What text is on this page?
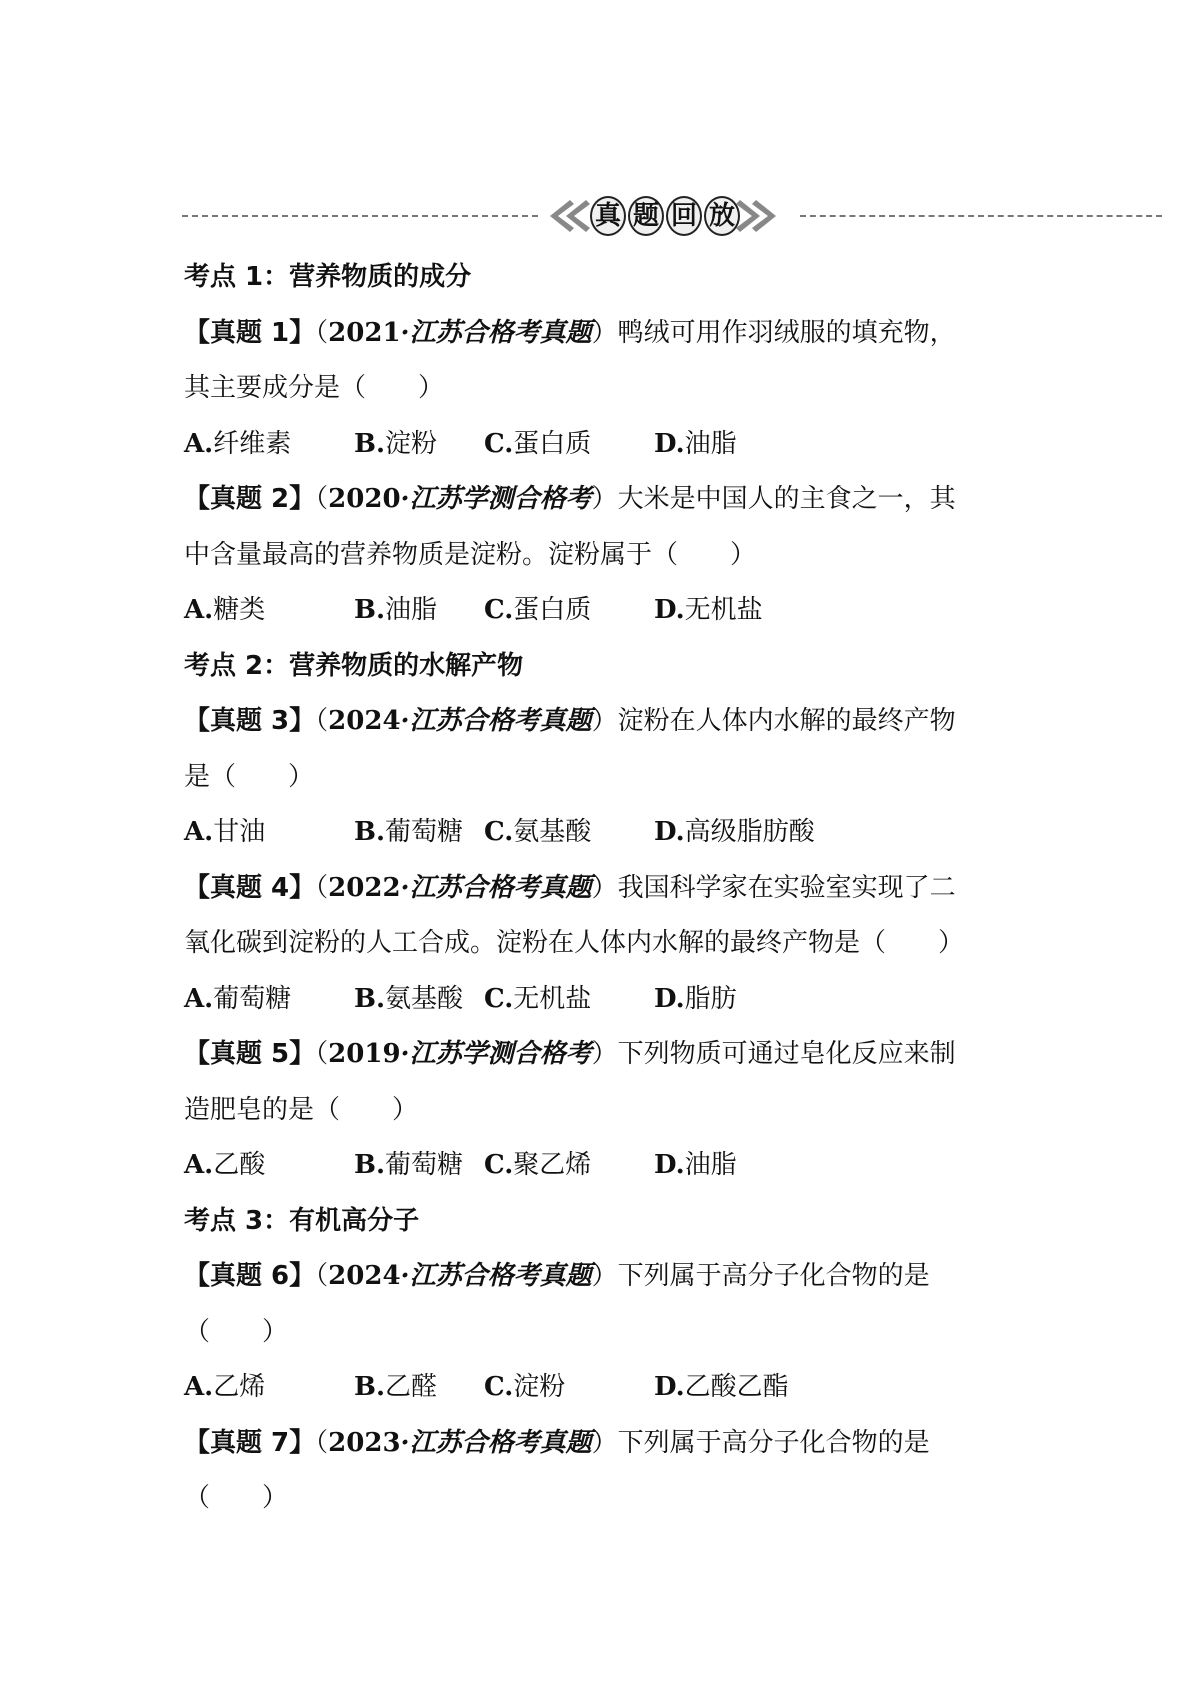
真 题 回 放
考点 1：营养物质的成分
【真题 1】（2021·江苏合格考真题）鸭绒可用作羽绒服的填充物，
其主要成分是（　　）
A.纤维素	B.淀粉	C.蛋白质	D.油脂
【真题 2】（2020·江苏学测合格考）大米是中国人的主食之一，其
中含量最高的营养物质是淀粉。淀粉属于（　　）
A.糖类	B.油脂	C.蛋白质	D.无机盐
考点 2：营养物质的水解产物
【真题 3】（2024·江苏合格考真题）淀粉在人体内水解的最终产物
是（　　）
A.甘油	B.葡萄糖 C.氨基酸	D.高级脂肪酸
【真题 4】（2022·江苏合格考真题）我国科学家在实验室实现了二
氧化碳到淀粉的人工合成。淀粉在人体内水解的最终产物是（　　）
A.葡萄糖	B.氨基酸 C.无机盐	D.脂肪
【真题 5】（2019·江苏学测合格考）下列物质可通过皂化反应来制
造肥皂的是（　　）
A.乙酸	B.葡萄糖 C.聚乙烯	D.油脂
考点 3：有机高分子
【真题 6】（2024·江苏合格考真题）下列属于高分子化合物的是
（　　）
A.乙烯	B.乙醛	C.淀粉	D.乙酸乙酯
【真题 7】（2023·江苏合格考真题）下列属于高分子化合物的是
（　　）
